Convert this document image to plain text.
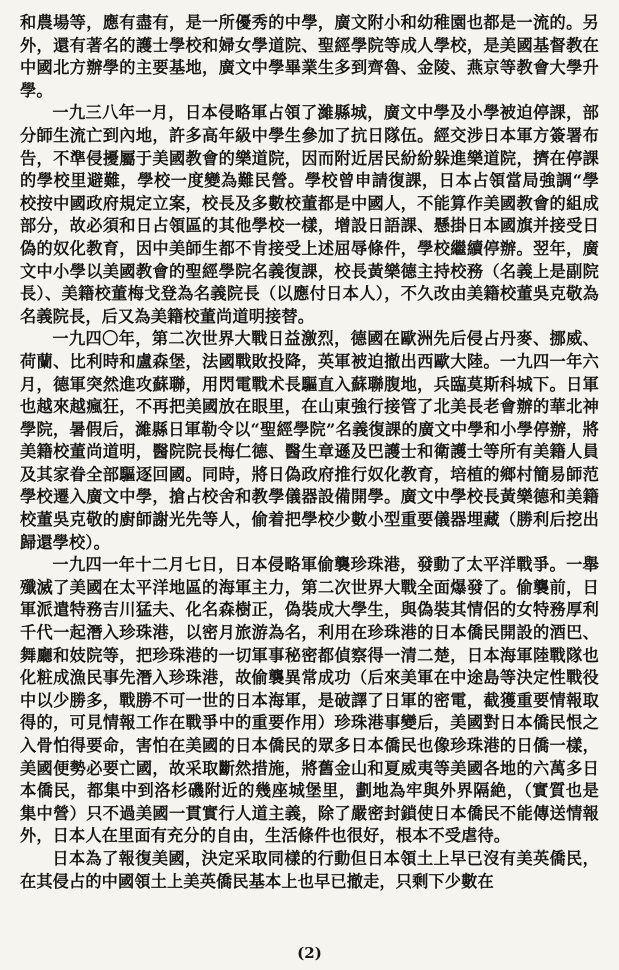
和農場等，應有盡有，是一所優秀的中學，廣文附小和幼稚園也都是一流的。另外，還有著名的護士學校和婦女學道院、聖經學院等成人學校，是美國基督教在中國北方辦學的主要基地，廣文中學畢業生多到齊魯、金陵、燕京等教會大學升學。

一九三八年一月，日本侵略軍占領了濰縣城，廣文中學及小學被迫停課，部分師生流亡到內地，許多高年級中學生參加了抗日隊伍。經交涉日本軍方簽署布告，不準侵擾屬于美國教會的樂道院，因而附近居民紛紛躲進樂道院，擠在停課的學校里避難，學校一度變為難民營。學校曾申請復課，日本占領當局強調“學校按中國政府規定立案，校長及多數校董都是中國人，不能算作美國教會的組成部分，故必須和日占領區的其他學校一樣，增設日語課、懸掛日本國旗并接受日偽的奴化教育，因中美師生都不肯接受上述屈辱條件，學校繼續停辦。翌年，廣文中小學以美國教會的聖經學院名義復課，校長黃樂德主持校務（名義上是副院長）、美籍校董梅戈登為名義院長（以應付日本人），不久改由美籍校董吳克敬為名義院長，后又為美籍校董尚道明接替。

一九四〇年，第二次世界大戰日益激烈，德國在歐洲先后侵占丹麥、挪威、荷蘭、比利時和盧森堡，法國戰敗投降，英軍被迫撤出西歐大陸。一九四一年六月，德軍突然進攻蘇聯，用閃電戰术長驅直入蘇聯腹地，兵臨莫斯科城下。日軍也越來越瘋狂，不再把美國放在眼里，在山東強行接管了北美長老會辦的華北神學院，暑假后，濰縣日軍勒令以“聖經學院”名義復課的廣文中學和小學停辦，將美籍校董尚道明，醫院院長梅仁德、醫生章遜及巴護士和衛護士等所有美籍人員及其家眷全部驅逐回國。同時，將日偽政府推行奴化教育，培植的鄉村簡易師范學校遷入廣文中學，搶占校舍和教學儀器設備開學。廣文中學校長黃樂德和美籍校董吳克敬的廚師謝光先等人，偷着把學校少數小型重要儀器埋藏（勝利后挖出歸還學校）。

一九四一年十二月七日，日本侵略軍偷襲珍珠港，發動了太平洋戰爭。一舉殲滅了美國在太平洋地區的海軍主力，第二次世界大戰全面爆發了。偷襲前，日軍派遣特務吉川猛夫、化名森樹正，偽裝成大學生，與偽裝其情侶的女特務厚利千代一起潛入珍珠港，以密月旅游為名，利用在珍珠港的日本僑民開設的酒巴、舞廳和妓院等，把珍珠港的一切軍事秘密都偵察得一清二楚，日本海軍陸戰隊也化粧成漁民事先潛入珍珠港，故偷襲異常成功（后來美軍在中途島等決定性戰役中以少勝多，戰勝不可一世的日本海軍，是破譯了日軍的密電，截獲重要情報取得的，可見情報工作在戰爭中的重要作用）珍珠港事變后，美國對日本僑民恨之入骨怕得要命，害怕在美國的日本僑民的眾多日本僑民也像珍珠港的日僑一樣，美國便勢必要亡國，故采取斷然措施，將舊金山和夏威夷等美國各地的六萬多日本僑民，都集中到洛杉磯附近的幾座城堡里，劃地為牢與外界隔絶，（實質也是集中營）只不過美國一貫實行人道主義，除了嚴密封鎖使日本僑民不能傳送情報外，日本人在里面有充分的自由，生活條件也很好，根本不受虐待。

日本為了報復美國，決定采取同樣的行動但日本領土上早已沒有美英僑民，在其侵占的中國領土上美英僑民基本上也早已撤走，只剩下少數在

(2)
